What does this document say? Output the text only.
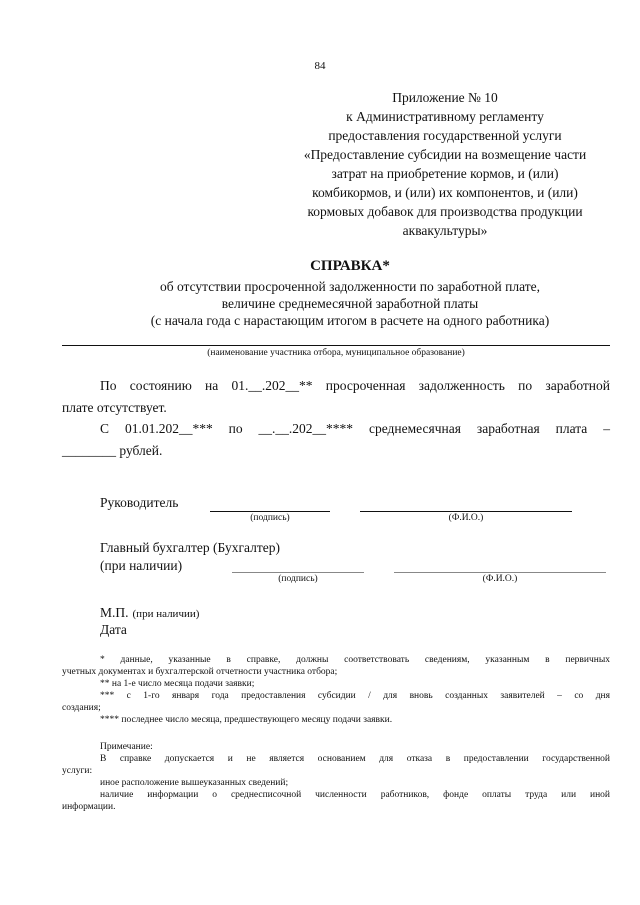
84
Приложение № 10
к Административному регламенту
предоставления государственной услуги
«Предоставление субсидии на возмещение части
затрат на приобретение кормов, и (или)
комбикормов, и (или) их компонентов, и (или)
кормовых добавок для производства продукции
аквакультуры»
СПРАВКА*
об отсутствии просроченной задолженности по заработной плате,
величине среднемесячной заработной платы
(с начала года с нарастающим итогом в расчете на одного работника)
(наименование участника отбора, муниципальное образование)
По состоянию на 01.__.202__** просроченная задолженность по заработной
плате отсутствует.
С 01.01.202__*** по __.__.202__**** среднемесячная заработная плата –
________ рублей.
Руководитель
(подпись)	(Ф.И.О.)
Главный бухгалтер (Бухгалтер)
(при наличии)
(подпись)	(Ф.И.О.)
М.П. (при наличии)
Дата
* данные, указанные в справке, должны соответствовать сведениям, указанным в первичных
учетных документах и бухгалтерской отчетности участника отбора;
** на 1-е число месяца подачи заявки;
*** с 1-го января года предоставления субсидии / для вновь созданных заявителей – со дня
создания;
**** последнее число месяца, предшествующего месяцу подачи заявки.
Примечание:
В справке допускается и не является основанием для отказа в предоставлении государственной
услуги:
иное расположение вышеуказанных сведений;
наличие информации о среднесписочной численности работников, фонде оплаты труда или иной
информации.
